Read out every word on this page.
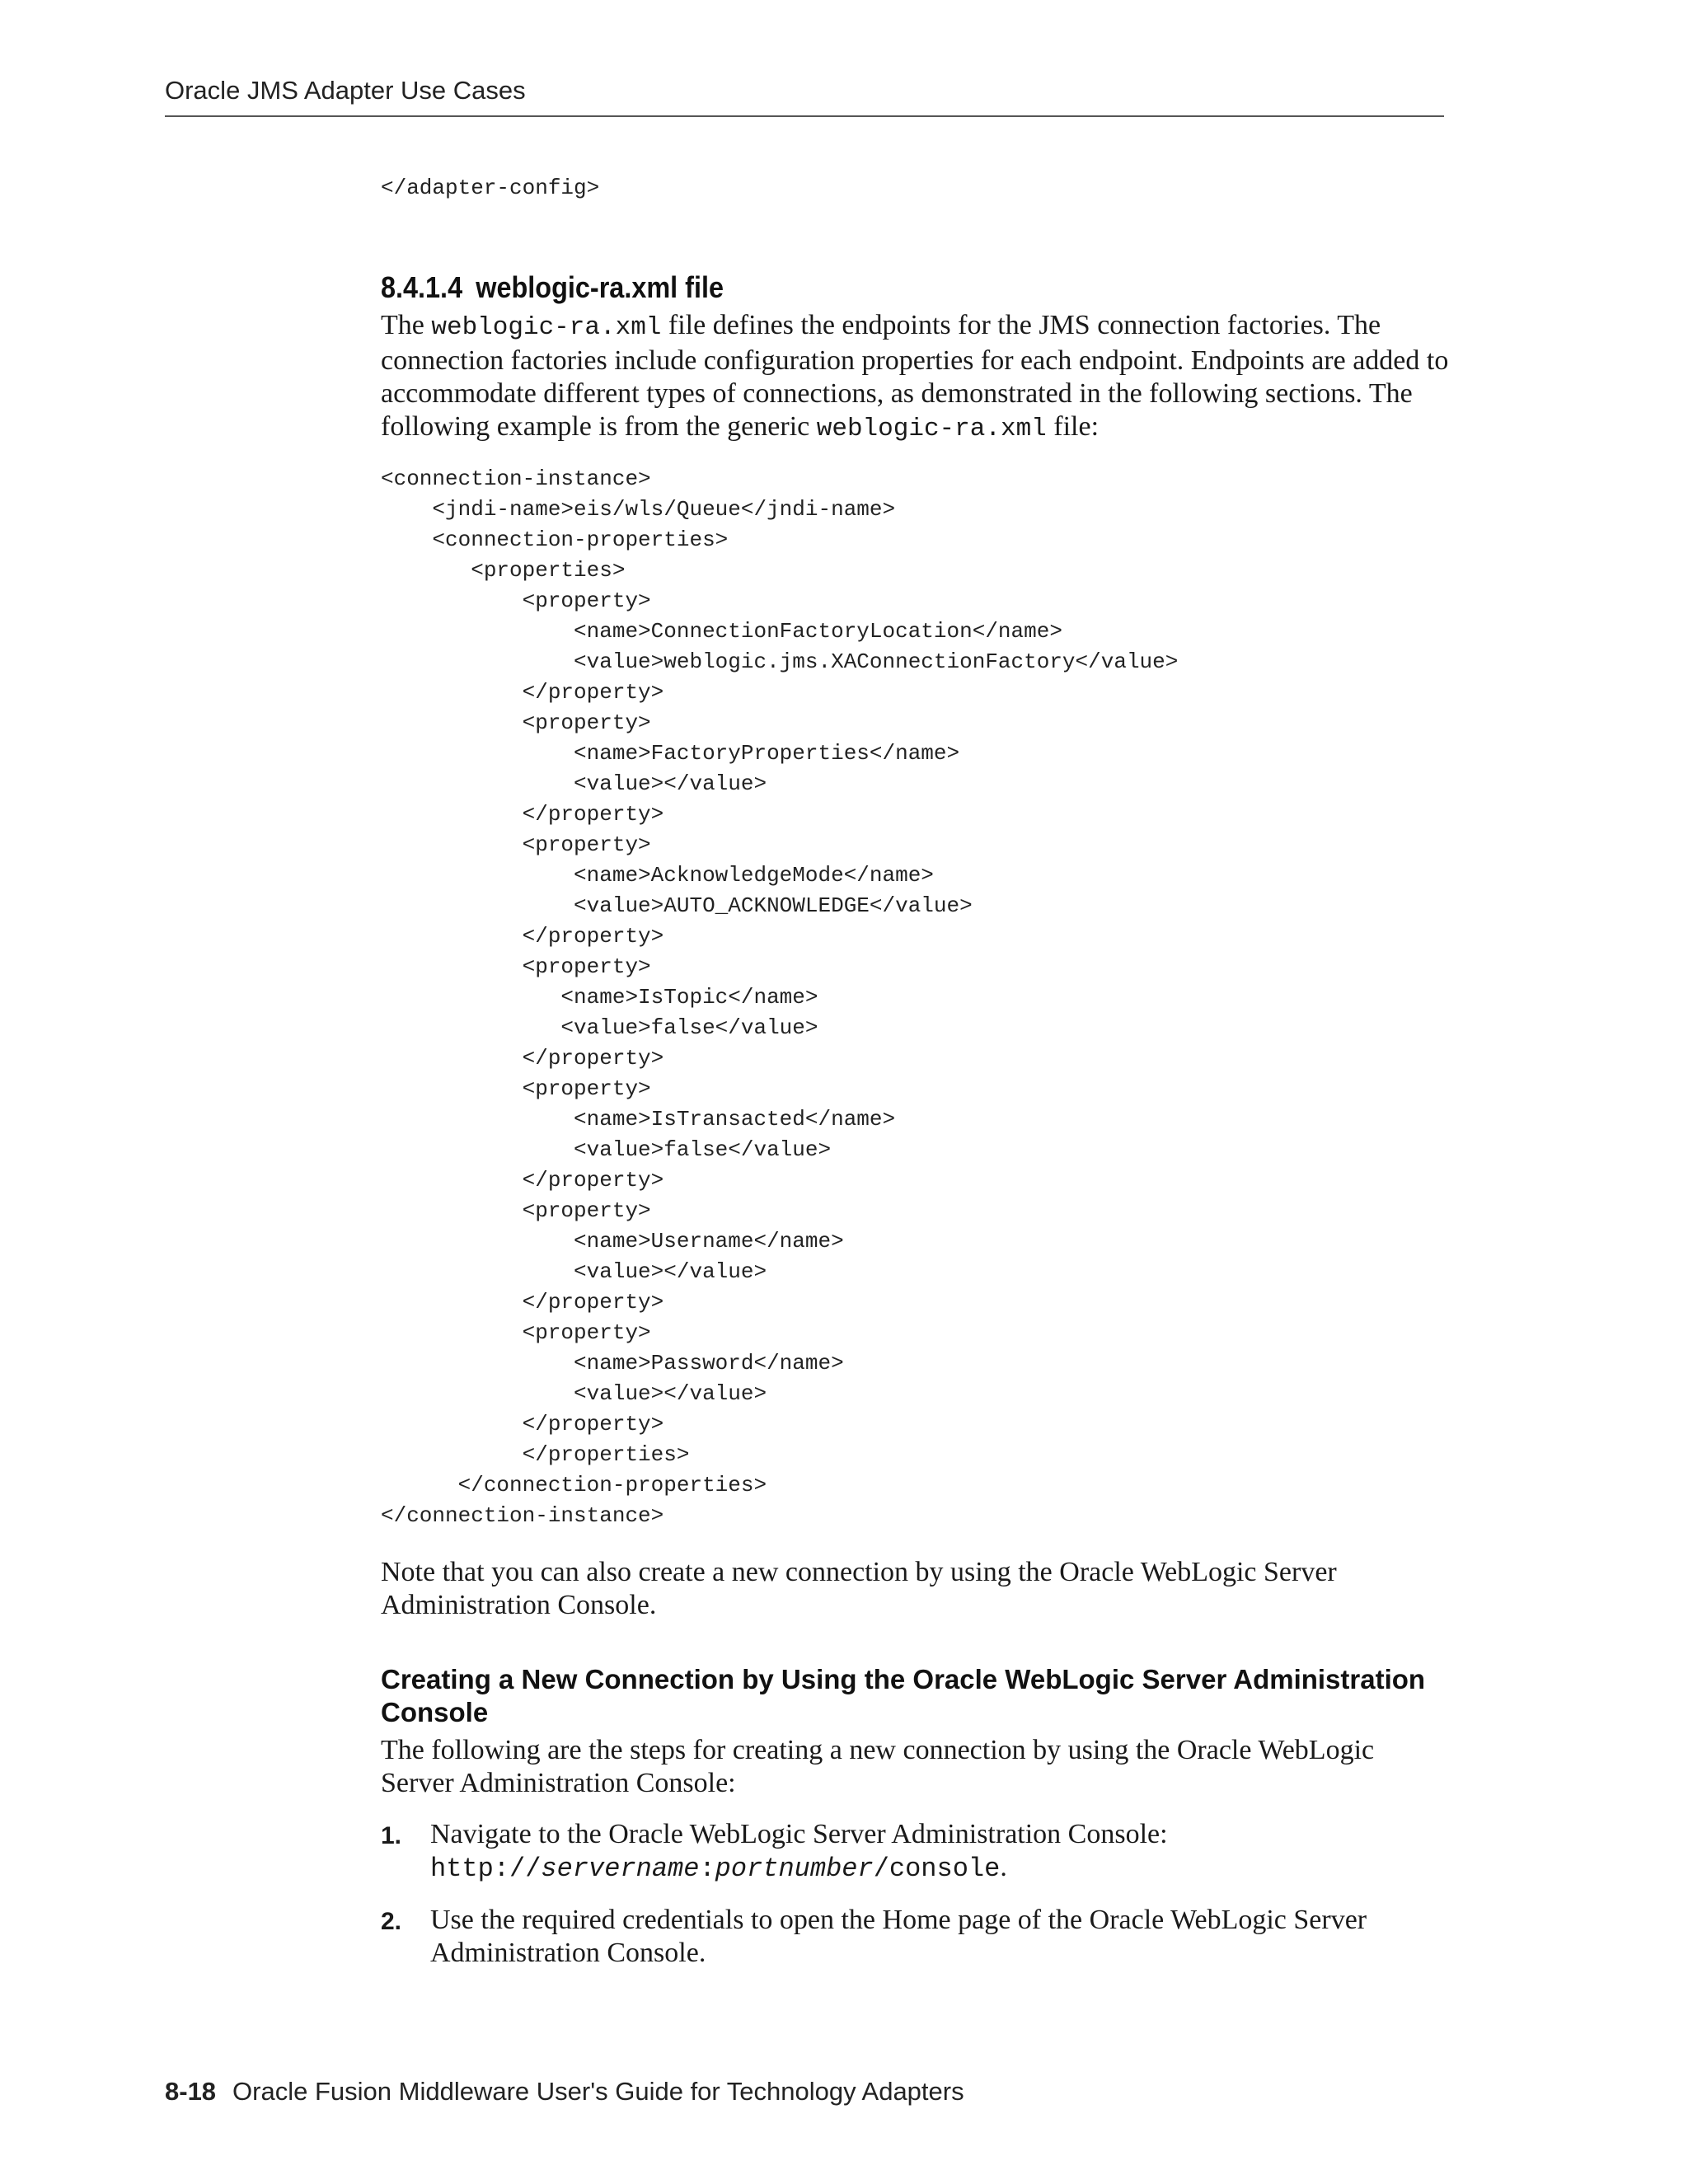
Oracle JMS Adapter Use Cases
</adapter-config>
8.4.1.4 weblogic-ra.xml file

The weblogic-ra.xml file defines the endpoints for the JMS connection factories. The connection factories include configuration properties for each endpoint. Endpoints are added to accommodate different types of connections, as demonstrated in the following sections. The following example is from the generic weblogic-ra.xml file:

<connection-instance>
<jndi-name>eis/wls/Queue</jndi-name>
<connection-properties>
<properties>
<property>
<name>ConnectionFactoryLocation</name>
<value>weblogic.jms.XAConnectionFactory</value>
</property>
<property>
<name>FactoryProperties</name>
<value></value>
</property>
<property>
<name>AcknowledgeMode</name>
<value>AUTO_ACKNOWLEDGE</value>
</property>
<property>
<name>IsTopic</name>
<value>false</value>
</property>
<property>
<name>IsTransacted</name>
<value>false</value>
</property>
<property>
<name>Username</name>
<value></value>
</property>
<property>
<name>Password</name>
<value></value>
</property>
</properties>
</connection-properties>
</connection-instance>

Note that you can also create a new connection by using the Oracle WebLogic Server Administration Console.

Creating a New Connection by Using the Oracle WebLogic Server Administration Console

The following are the steps for creating a new connection by using the Oracle WebLogic Server Administration Console:

1. Navigate to the Oracle WebLogic Server Administration Console:
http://servername:portnumber/console.

2. Use the required credentials to open the Home page of the Oracle WebLogic Server Administration Console.

8-18 Oracle Fusion Middleware User's Guide for Technology Adapters
